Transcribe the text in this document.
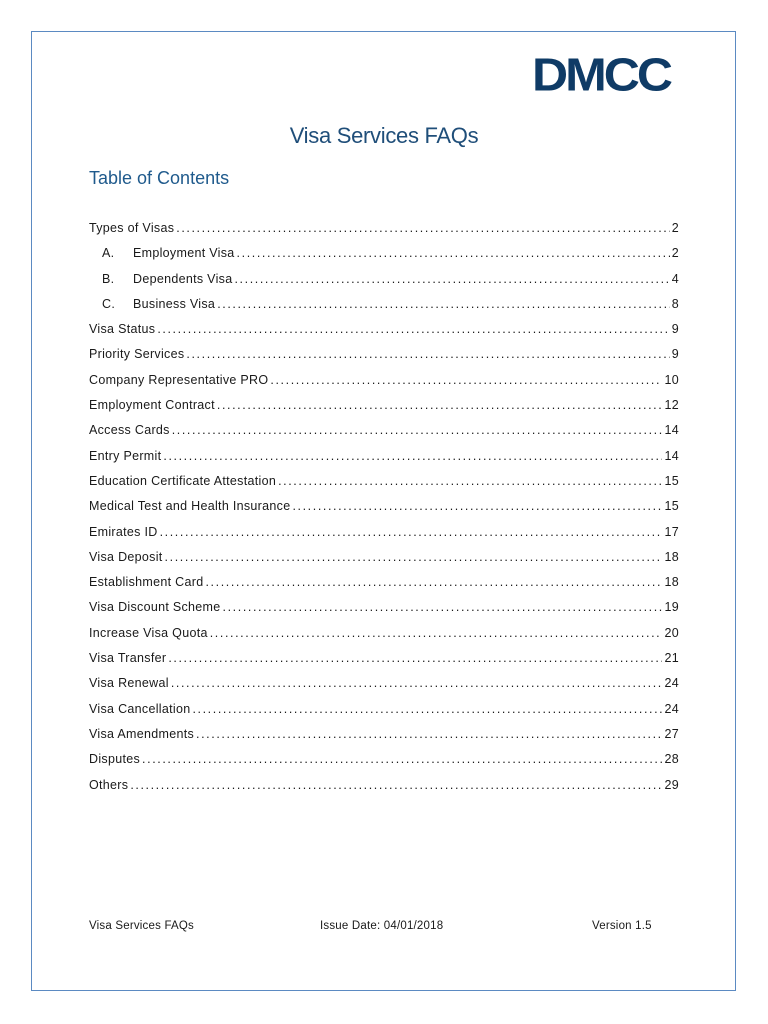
DMCC
Visa Services FAQs
Table of Contents
Types of Visas .....	2
A. Employment Visa .....	2
B. Dependents Visa .....	4
C. Business Visa .....	8
Visa Status .....	9
Priority Services .....	9
Company Representative PRO .....	10
Employment Contract .....	12
Access Cards .....	14
Entry Permit .....	14
Education Certificate Attestation .....	15
Medical Test and Health Insurance .....	15
Emirates ID .....	17
Visa Deposit .....	18
Establishment Card .....	18
Visa Discount Scheme .....	19
Increase Visa Quota .....	20
Visa Transfer .....	21
Visa Renewal .....	24
Visa Cancellation .....	24
Visa Amendments .....	27
Disputes .....	28
Others .....	29
Visa Services FAQs	Issue Date: 04/01/2018	Version 1.5
